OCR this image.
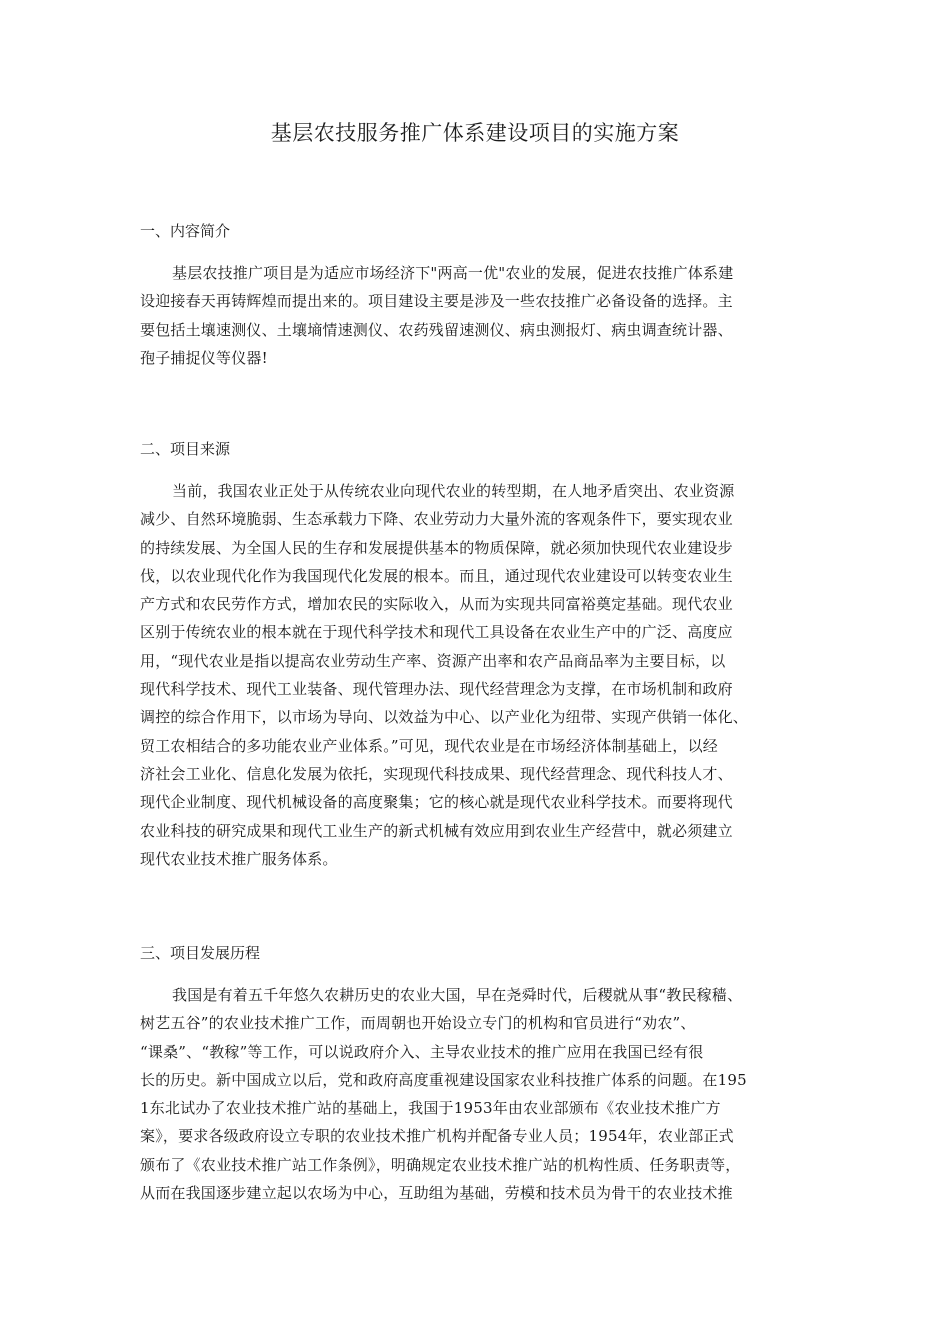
基层农技服务推广体系建设项目的实施方案
一、内容简介
基层农技推广项目是为适应市场经济下"两高一优"农业的发展，促进农技推广体系建
设迎接春天再铸辉煌而提出来的。项目建设主要是涉及一些农技推广必备设备的选择。主
要包括土壤速测仪、土壤墒情速测仪、农药残留速测仪、病虫测报灯、病虫调查统计器、
孢子捕捉仪等仪器!
二、项目来源
当前，我国农业正处于从传统农业向现代农业的转型期，在人地矛盾突出、农业资源
减少、自然环境脆弱、生态承载力下降、农业劳动力大量外流的客观条件下，要实现农业
的持续发展、为全国人民的生存和发展提供基本的物质保障，就必须加快现代农业建设步
伐，以农业现代化作为我国现代化发展的根本。而且，通过现代农业建设可以转变农业生
产方式和农民劳作方式，增加农民的实际收入，从而为实现共同富裕奠定基础。现代农业
区别于传统农业的根本就在于现代科学技术和现代工具设备在农业生产中的广泛、高度应
用，“现代农业是指以提高农业劳动生产率、资源产出率和农产品商品率为主要目标，以
现代科学技术、现代工业装备、现代管理办法、现代经营理念为支撑，在市场机制和政府
调控的综合作用下，以市场为导向、以效益为中心、以产业化为纽带、实现产供销一体化、
贸工农相结合的多功能农业产业体系。”可见，现代农业是在市场经济体制基础上，以经
济社会工业化、信息化发展为依托，实现现代科技成果、现代经营理念、现代科技人才、
现代企业制度、现代机械设备的高度聚集；它的核心就是现代农业科学技术。而要将现代
农业科技的研究成果和现代工业生产的新式机械有效应用到农业生产经营中，就必须建立
现代农业技术推广服务体系。
三、项目发展历程
我国是有着五千年悠久农耕历史的农业大国，早在尧舜时代，后稷就从事“教民稼穑、
树艺五谷”的农业技术推广工作，而周朝也开始设立专门的机构和官员进行“劝农”、
“课桑”、“教稼”等工作，可以说政府介入、主导农业技术的推广应用在我国已经有很
长的历史。新中国成立以后，党和政府高度重视建设国家农业科技推广体系的问题。在195
1东北试办了农业技术推广站的基础上，我国于1953年由农业部颁布《农业技术推广方
案》，要求各级政府设立专职的农业技术推广机构并配备专业人员；1954年，农业部正式
颁布了《农业技术推广站工作条例》，明确规定农业技术推广站的机构性质、任务职责等，
从而在我国逐步建立起以农场为中心，互助组为基础，劳模和技术员为骨干的农业技术推
